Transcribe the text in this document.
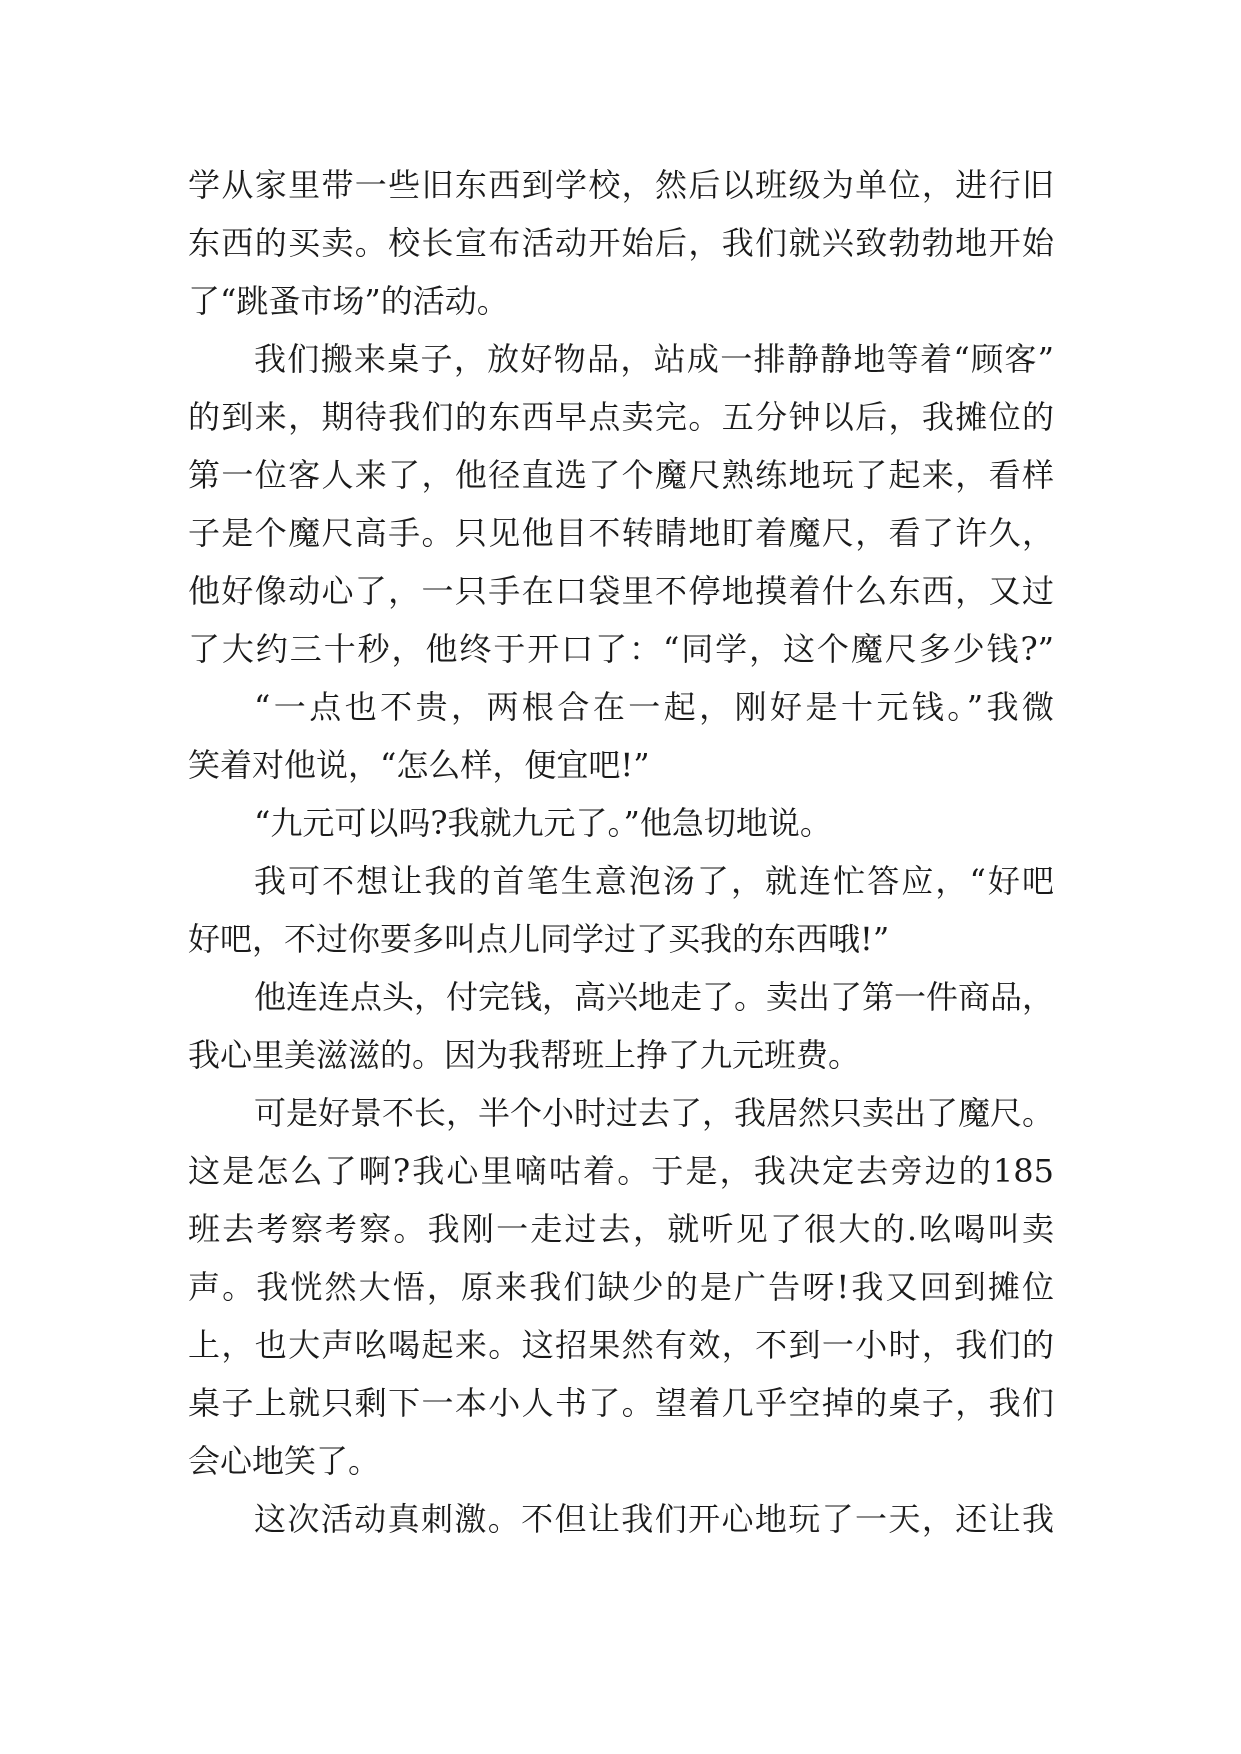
学从家里带一些旧东西到学校，然后以班级为单位，进行旧
东西的买卖。校长宣布活动开始后，我们就兴致勃勃地开始
了“跳蚤市场”的活动。
我们搬来桌子，放好物品，站成一排静静地等着“顾客”
的到来，期待我们的东西早点卖完。五分钟以后，我摊位的
第一位客人来了，他径直选了个魔尺熟练地玩了起来，看样
子是个魔尺高手。只见他目不转睛地盯着魔尺，看了许久，
他好像动心了，一只手在口袋里不停地摸着什么东西，又过
了大约三十秒，他终于开口了：“同学，这个魔尺多少钱?”
“一点也不贵，两根合在一起，刚好是十元钱。”我微
笑着对他说，“怎么样，便宜吧!”
“九元可以吗?我就九元了。”他急切地说。
我可不想让我的首笔生意泡汤了，就连忙答应，“好吧
好吧，不过你要多叫点儿同学过了买我的东西哦!”
他连连点头，付完钱，高兴地走了。卖出了第一件商品，
我心里美滋滋的。因为我帮班上挣了九元班费。
可是好景不长，半个小时过去了，我居然只卖出了魔尺。
这是怎么了啊?我心里嘀咕着。于是，我决定去旁边的185
班去考察考察。我刚一走过去，就听见了很大的.吆喝叫卖
声。我恍然大悟，原来我们缺少的是广告呀!我又回到摊位
上，也大声吆喝起来。这招果然有效，不到一小时，我们的
桌子上就只剩下一本小人书了。望着几乎空掉的桌子，我们
会心地笑了。
这次活动真刺激。不但让我们开心地玩了一天，还让我
